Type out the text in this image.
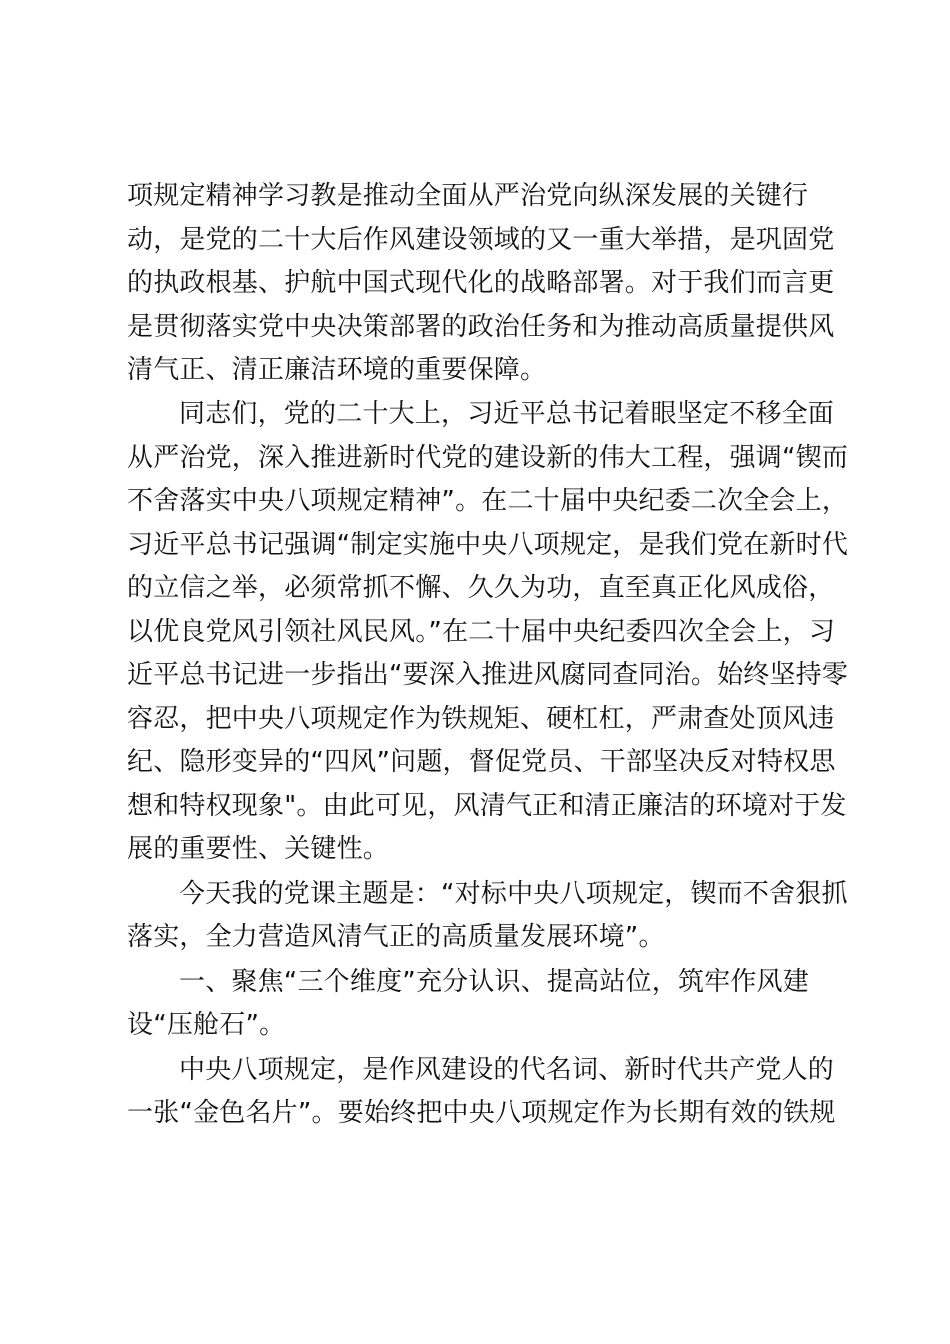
项规定精神学习教是推动全面从严治党向纵深发展的关键行
动，是党的二十大后作风建设领域的又一重大举措，是巩固党
的执政根基、护航中国式现代化的战略部署。对于我们而言更
是贯彻落实党中央决策部署的政治任务和为推动高质量提供风
清气正、清正廉洁环境的重要保障。

同志们，党的二十大上，习近平总书记着眼坚定不移全面
从严治党，深入推进新时代党的建设新的伟大工程，强调“锲而
不舍落实中央八项规定精神”。在二十届中央纪委二次全会上，
习近平总书记强调“制定实施中央八项规定，是我们党在新时代
的立信之举，必须常抓不懈、久久为功，直至真正化风成俗，
以优良党风引领社风民风。”在二十届中央纪委四次全会上，习
近平总书记进一步指出“要深入推进风腐同查同治。始终坚持零
容忍，把中央八项规定作为铁规矩、硬杠杠，严肃查处顶风违
纪、隐形变异的“四风”问题，督促党员、干部坚决反对特权思
想和特权现象"。由此可见，风清气正和清正廉洁的环境对于发
展的重要性、关键性。

今天我的党课主题是：“对标中央八项规定，锲而不舍狠抓
落实，全力营造风清气正的高质量发展环境”。

一、聚焦“三个维度”充分认识、提高站位，筑牢作风建
设“压舱石”。

中央八项规定，是作风建设的代名词、新时代共产党人的
一张“金色名片”。要始终把中央八项规定作为长期有效的铁规
